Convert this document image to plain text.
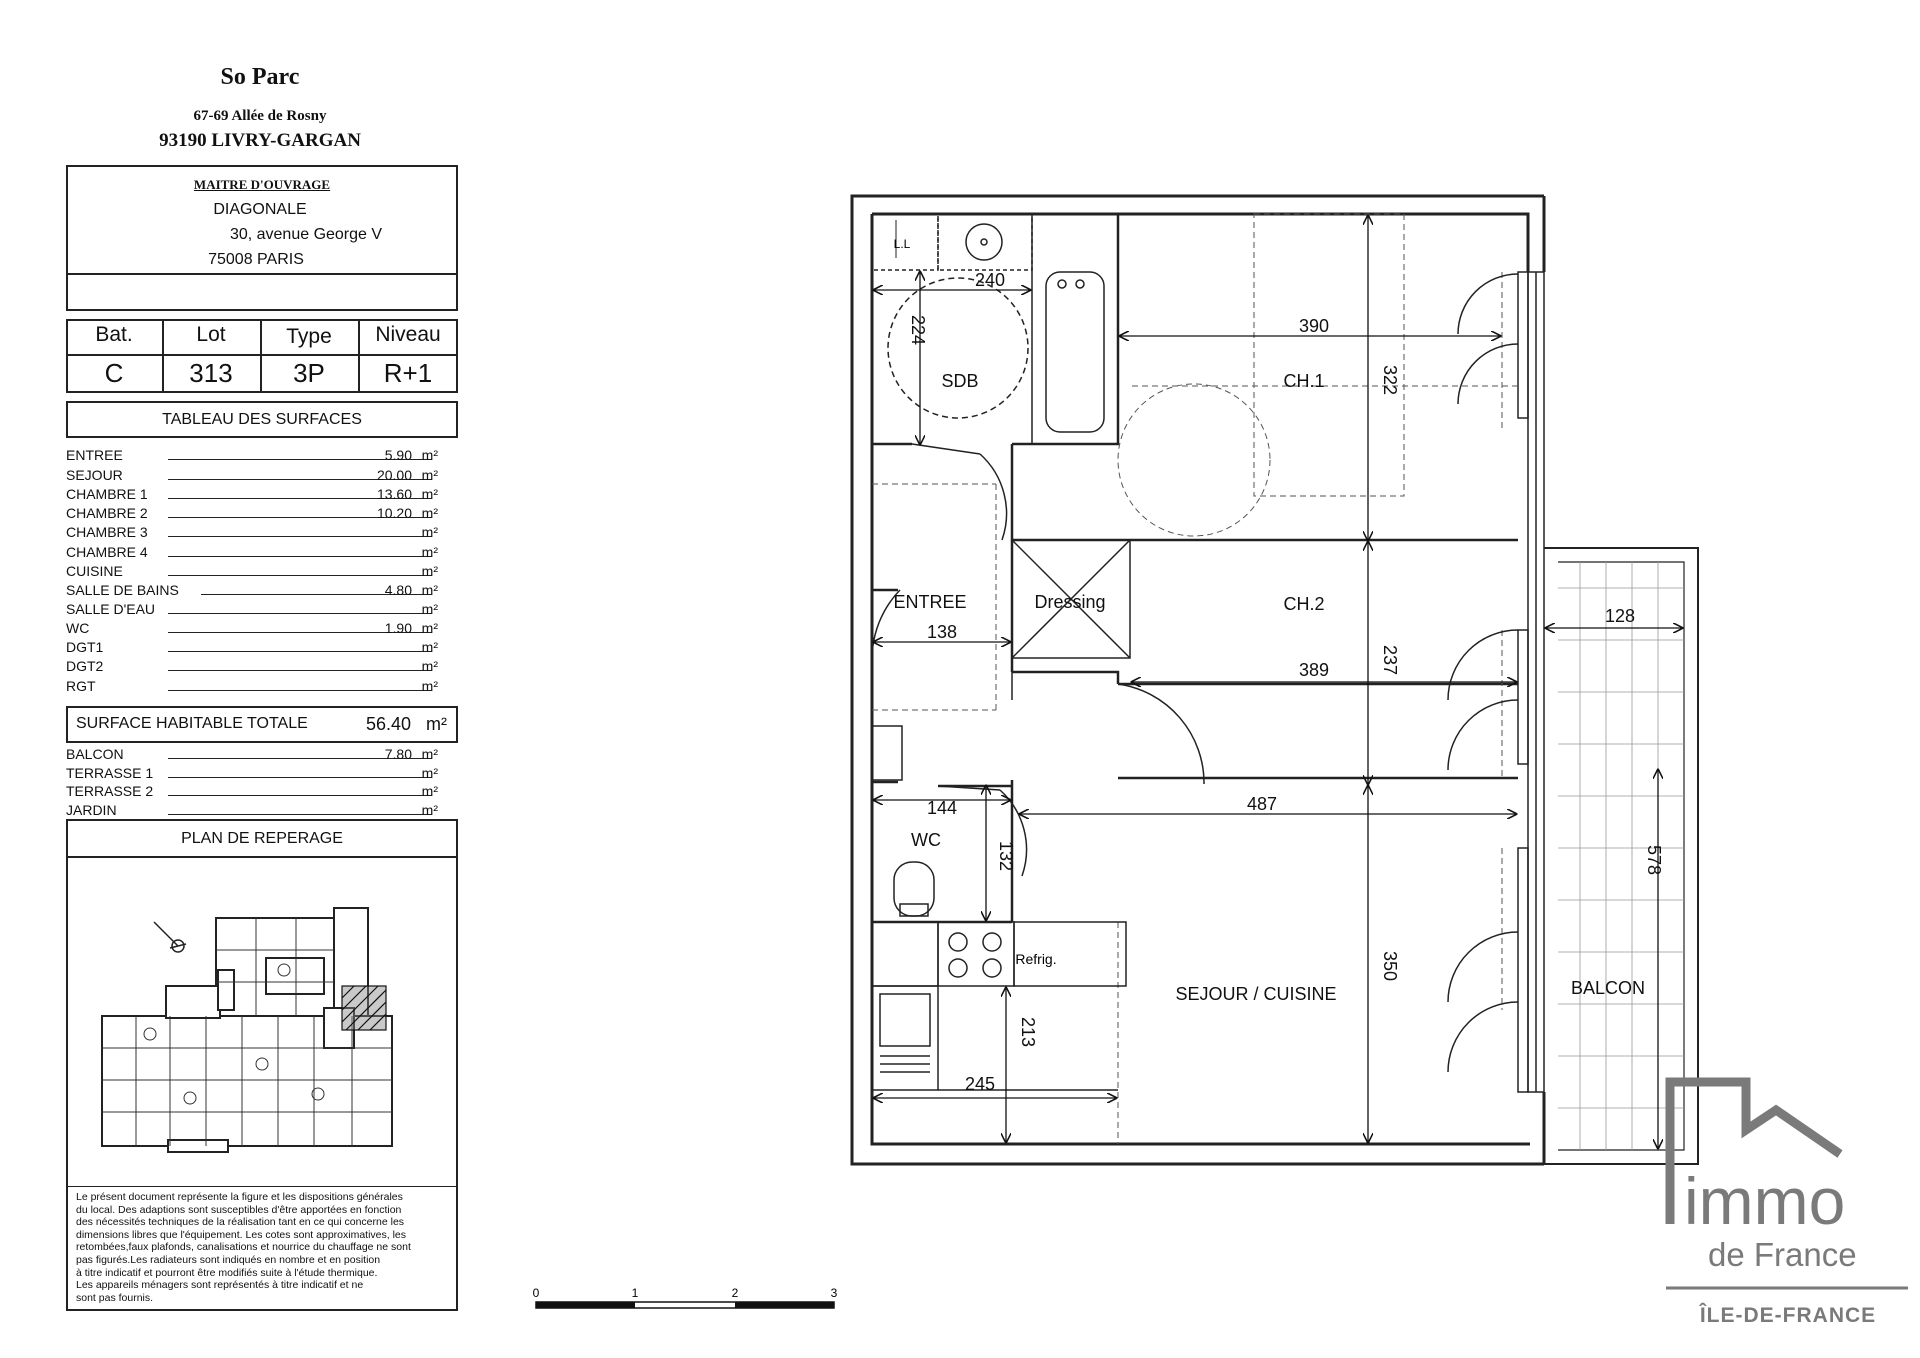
So Parc
67-69 Allée de Rosny
93190 LIVRY-GARGAN
MAITRE D'OUVRAGE
DIAGONALE
30, avenue George V
75008 PARIS
Bat.	Lot	Type	Niveau
C	313	3P	R+1
TABLEAU DES SURFACES
ENTREE	5.90 m²
SEJOUR	20.00 m²
CHAMBRE 1	13.60 m²
CHAMBRE 2	10.20 m²
CHAMBRE 3	m²
CHAMBRE 4	m²
CUISINE	m²
SALLE DE BAINS	4.80 m²
SALLE D'EAU	m²
WC	1.90 m²
DGT1	m²
DGT2	m²
RGT	m²
SURFACE HABITABLE TOTALE	56.40 m²
BALCON	7.80 m²
TERRASSE 1	m²
TERRASSE 2	m²
JARDIN	m²
PLAN DE REPERAGE
Le présent document représente la figure et les dispositions générales
du local. Des adaptions sont susceptibles d'être apportées en fonction
des nécessités techniques de la réalisation tant en ce qui concerne les
dimensions libres que l'équipement. Les cotes sont approximatives, les
retombées,faux plafonds, canalisations et nourrice du chauffage ne sont
pas figurés.Les radiateurs sont indiqués en nombre et en position
à titre indicatif et pourront être modifiés suite à l'étude thermique.
Les appareils ménagers sont représentés à titre indicatif et ne
sont pas fournis.	0	1	2	3
L.L
Refrig.
SDB	CH.1
CH.2
ENTREE	Dressing
WC
SEJOUR / CUISINE	BALCON
240
224	390
322
138
389	237
128
144
132
487
578
350
213
245
immo
de France
ÎLE-DE-FRANCE
